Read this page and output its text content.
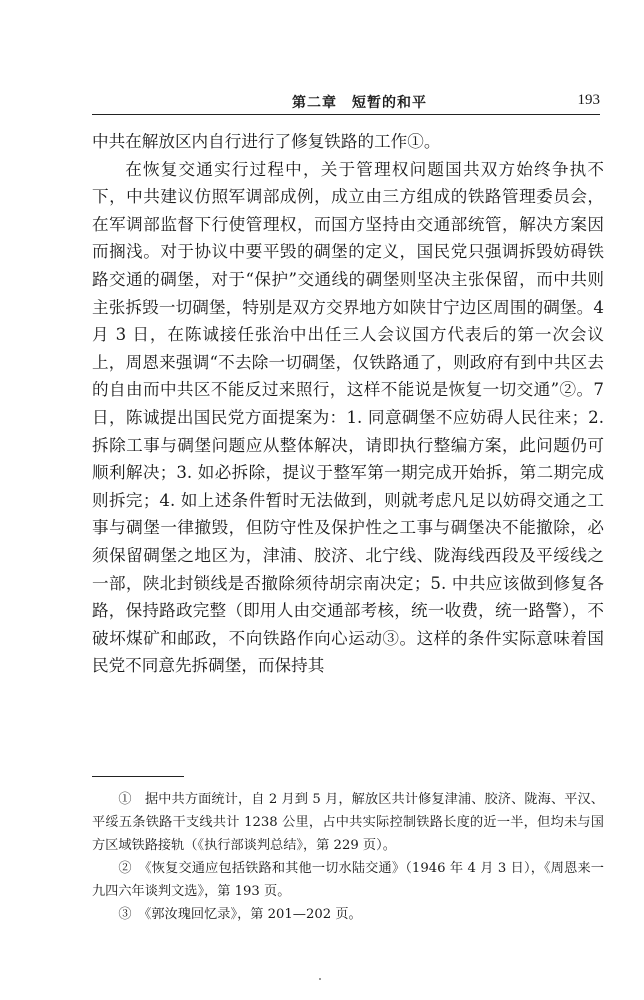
第二章　短暂的和平	193

中共在解放区内自行进行了修复铁路的工作①。

在恢复交通实行过程中，关于管理权问题国共双方始终争执不下，中共建议仿照军调部成例，成立由三方组成的铁路管理委员会，在军调部监督下行使管理权，而国方坚持由交通部统管，解决方案因而搁浅。对于协议中要平毁的碉堡的定义，国民党只强调拆毁妨碍铁路交通的碉堡，对于“保护”交通线的碉堡则坚决主张保留，而中共则主张拆毁一切碉堡，特别是双方交界地方如陕甘宁边区周围的碉堡。4 月 3 日，在陈诚接任张治中出任三人会议国方代表后的第一次会议上，周恩来强调“不去除一切碉堡，仅铁路通了，则政府有到中共区去的自由而中共区不能反过来照行，这样不能说是恢复一切交通”②。7 日，陈诚提出国民党方面提案为：1. 同意碉堡不应妨碍人民往来；2. 拆除工事与碉堡问题应从整体解决，请即执行整编方案，此问题仍可顺利解决；3. 如必拆除，提议于整军第一期完成开始拆，第二期完成则拆完；4. 如上述条件暂时无法做到，则就考虑凡足以妨碍交通之工事与碉堡一律撤毁，但防守性及保护性之工事与碉堡决不能撤除，必须保留碉堡之地区为，津浦、胶济、北宁线、陇海线西段及平绥线之一部，陕北封锁线是否撤除须待胡宗南决定；5. 中共应该做到修复各路，保持路政完整（即用人由交通部考核，统一收费，统一路警），不破坏煤矿和邮政，不向铁路作向心运动③。这样的条件实际意味着国民党不同意先拆碉堡，而保持其

①　据中共方面统计，自 2 月到 5 月，解放区共计修复津浦、胶济、陇海、平汉、平绥五条铁路干支线共计 1238 公里，占中共实际控制铁路长度的近一半，但均未与国方区域铁路接轨（《执行部谈判总结》，第 229 页）。

②　《恢复交通应包括铁路和其他一切水陆交通》（1946 年 4 月 3 日），《周恩来一九四六年谈判文选》，第 193 页。

③　《郭汝瑰回忆录》，第 201—202 页。
